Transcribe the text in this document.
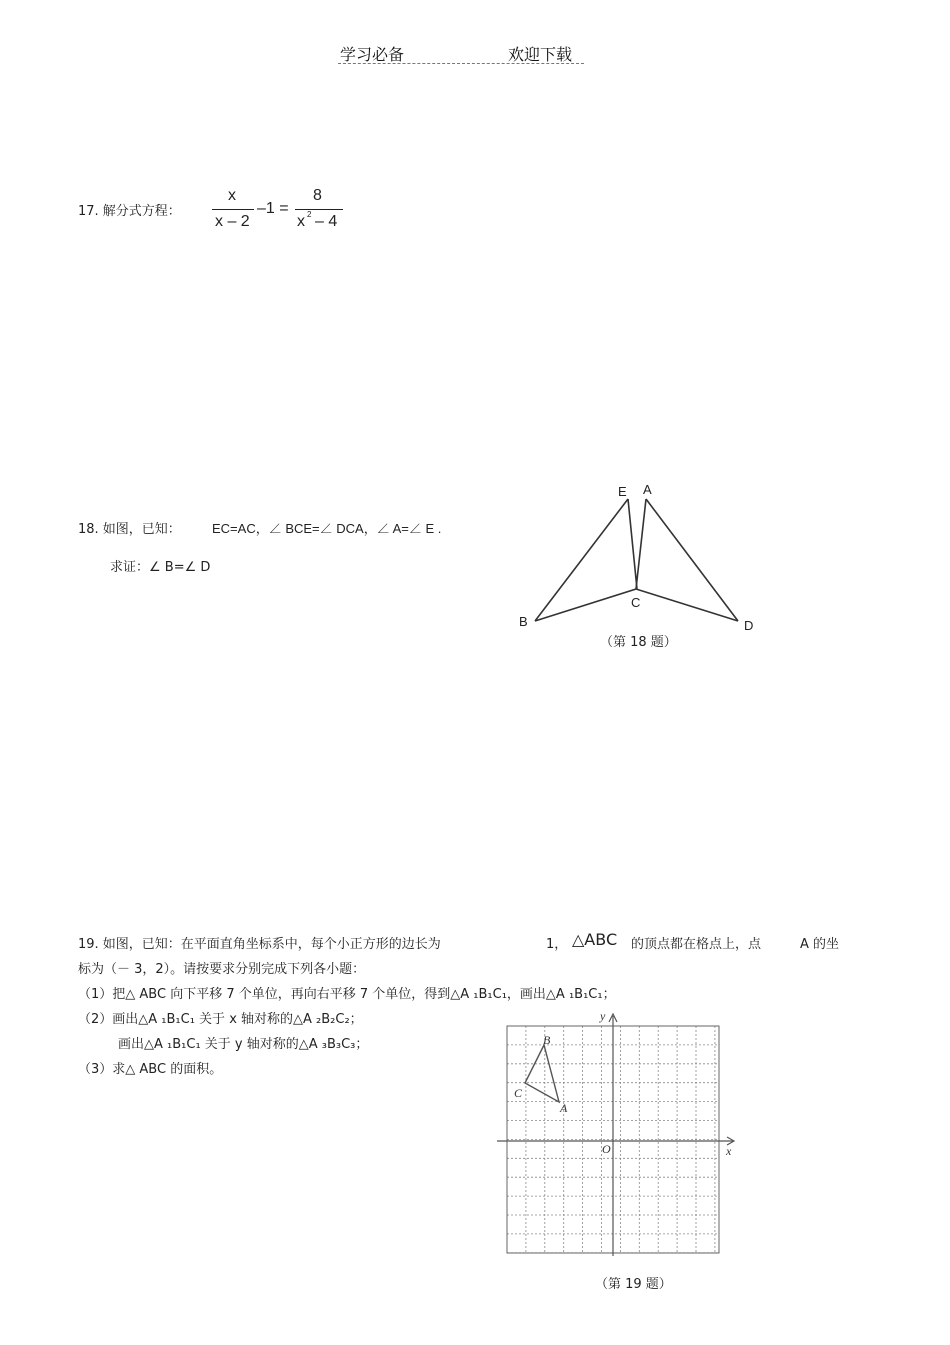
学习必备	欢迎下载
17. 解分式方程：
x
x – 2
–1 =
8
x 2 – 4
18. 如图，已知： EC=AC，∠ BCE=∠ DCA，∠ A=∠ E .
求证：∠ B=∠ D
E A
C
B	D
（第 18 题）
19. 如图，已知：在平面直角坐标系中，每个小正方形的边长为	1， △ABC 的顶点都在格点上，点	A 的坐
标为（－ 3，2）。请按要求分别完成下列各小题：
（1）把△ ABC 向下平移 7 个单位，再向右平移 7 个单位，得到△A ₁B₁C₁，画出△A ₁B₁C₁；
（2）画出△A ₁B₁C₁ 关于 x 轴对称的△A ₂B₂C₂；
画出△A ₁B₁C₁ 关于 y 轴对称的△A ₃B₃C₃；
（3）求△ ABC 的面积。
y
x
O
B
C
A
（第 19 题）
